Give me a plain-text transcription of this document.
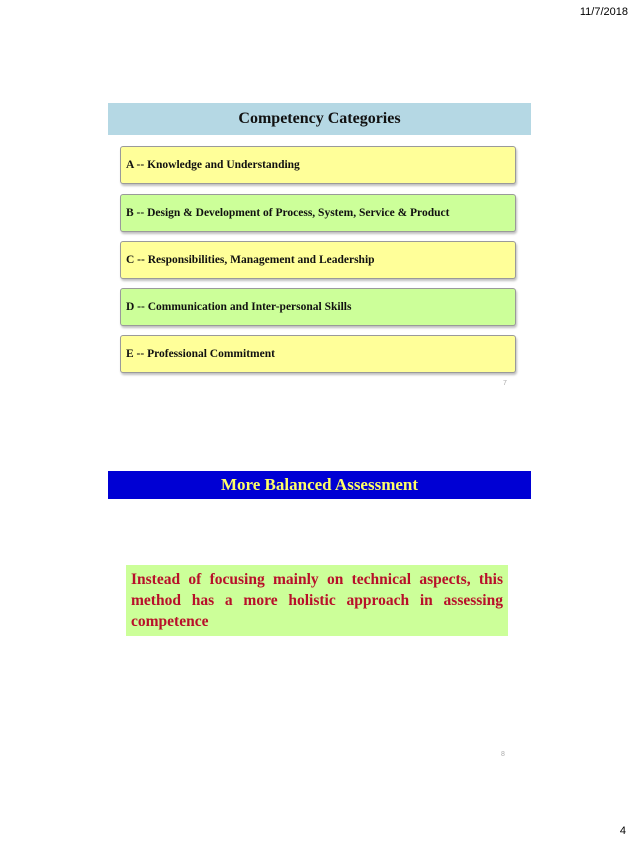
11/7/2018
Competency Categories
A -- Knowledge and Understanding
B -- Design & Development of Process, System, Service & Product
C -- Responsibilities, Management and Leadership
D -- Communication and Inter-personal Skills
E -- Professional Commitment
7
More Balanced Assessment
Instead of focusing mainly on technical aspects, this method has a more holistic approach in assessing competence
8
4
